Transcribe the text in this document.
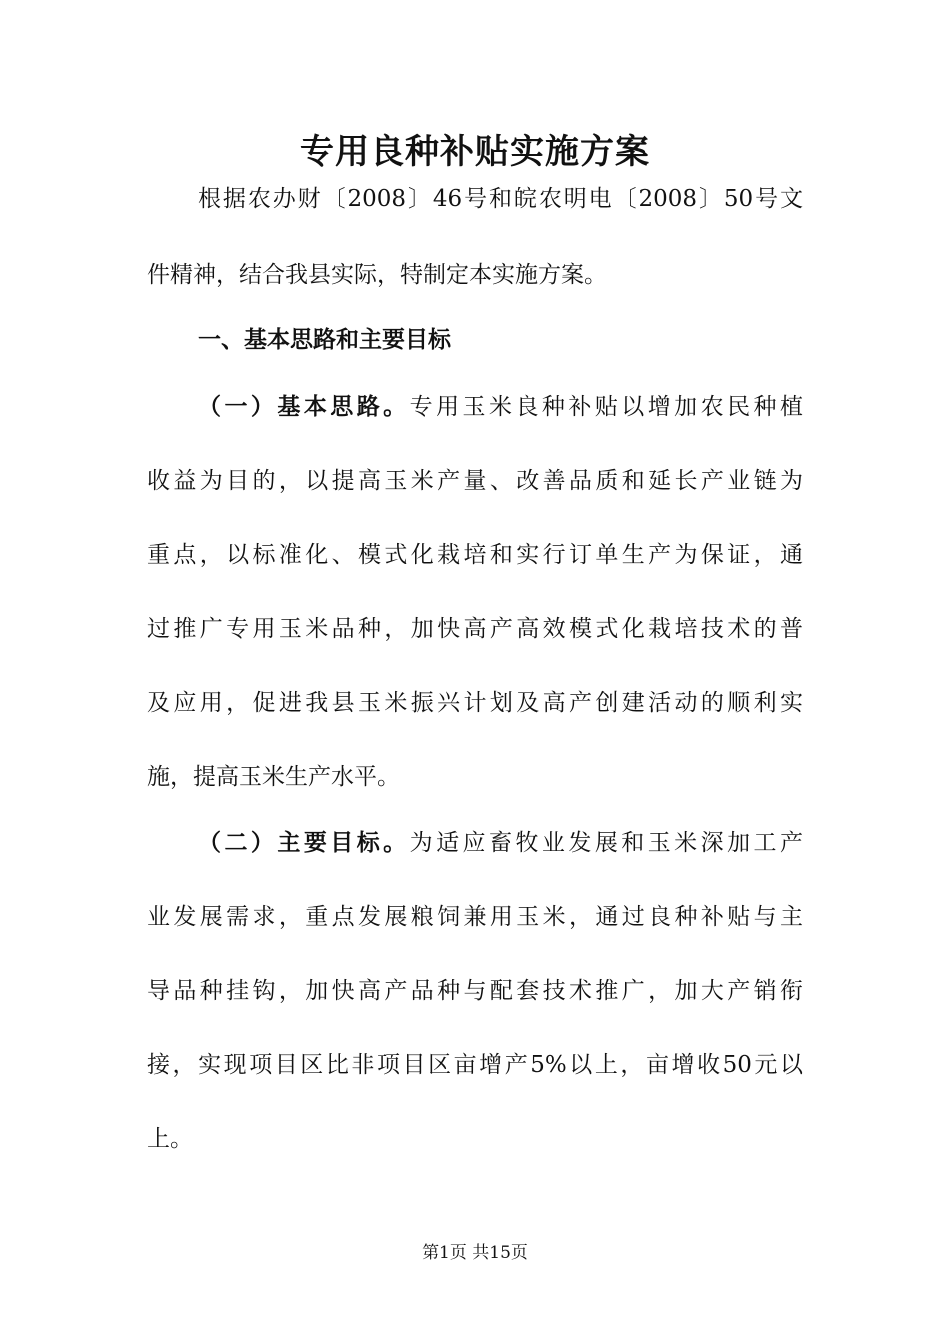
专用良种补贴实施方案
根据农办财〔2008〕46号和皖农明电〔2008〕50号文
件精神，结合我县实际，特制定本实施方案。
一、基本思路和主要目标
（一）基本思路。专用玉米良种补贴以增加农民种植
收益为目的，以提高玉米产量、改善品质和延长产业链为
重点，以标准化、模式化栽培和实行订单生产为保证，通
过推广专用玉米品种，加快高产高效模式化栽培技术的普
及应用，促进我县玉米振兴计划及高产创建活动的顺利实
施，提高玉米生产水平。
（二）主要目标。为适应畜牧业发展和玉米深加工产
业发展需求，重点发展粮饲兼用玉米，通过良种补贴与主
导品种挂钩，加快高产品种与配套技术推广，加大产销衔
接，实现项目区比非项目区亩增产5%以上，亩增收50元以
上。
第1页 共15页
